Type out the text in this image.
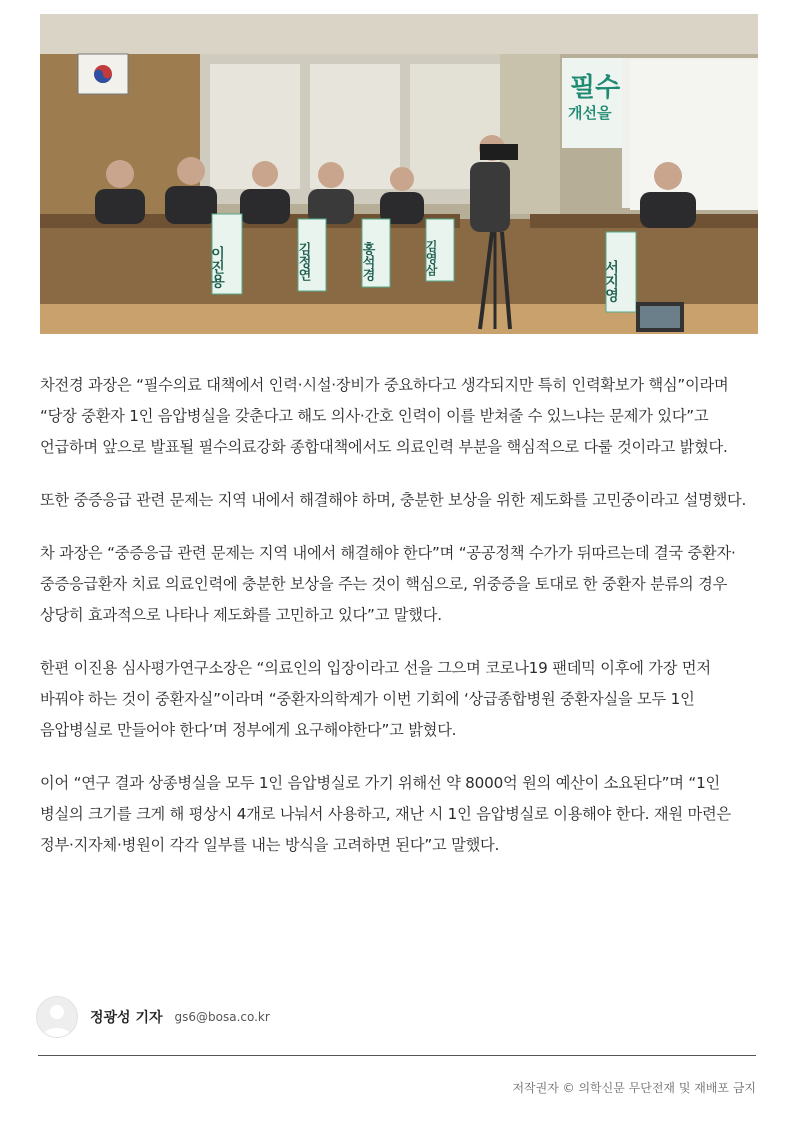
필수
개선을
이진용	김정연	홍석경	김영삼
서지영

차전경 과장은 “필수의료 대책에서 인력·시설·장비가 중요하다고 생각되지만 특히 인력확보가 핵심”이라며 “당장 중환자 1인 음압병실을 갖춘다고 해도 의사·간호 인력이 이를 받쳐줄 수 있느냐는 문제가 있다”고 언급하며 앞으로 발표될 필수의료강화 종합대책에서도 의료인력 부분을 핵심적으로 다룰 것이라고 밝혔다.

또한 중증응급 관련 문제는 지역 내에서 해결해야 하며, 충분한 보상을 위한 제도화를 고민중이라고 설명했다.

차 과장은 “중증응급 관련 문제는 지역 내에서 해결해야 한다”며 “공공정책 수가가 뒤따르는데 결국 중환자·중증응급환자 치료 의료인력에 충분한 보상을 주는 것이 핵심으로, 위중증을 토대로 한 중환자 분류의 경우 상당히 효과적으로 나타나 제도화를 고민하고 있다”고 말했다.

한편 이진용 심사평가연구소장은 “의료인의 입장이라고 선을 그으며 코로나19 팬데믹 이후에 가장 먼저 바꿔야 하는 것이 중환자실”이라며 “중환자의학계가 이번 기회에 ‘상급종합병원 중환자실을 모두 1인 음압병실로 만들어야 한다’며 정부에게 요구해야한다”고 밝혔다.

이어 “연구 결과 상종병실을 모두 1인 음압병실로 가기 위해선 약 8000억 원의 예산이 소요된다”며 “1인 병실의 크기를 크게 해 평상시 4개로 나눠서 사용하고, 재난 시 1인 음압병실로 이용해야 한다. 재원 마련은 정부·지자체·병원이 각각 일부를 내는 방식을 고려하면 된다”고 말했다.

정광성 기자 gs6@bosa.co.kr
저작권자 © 의학신문 무단전재 및 재배포 금지
